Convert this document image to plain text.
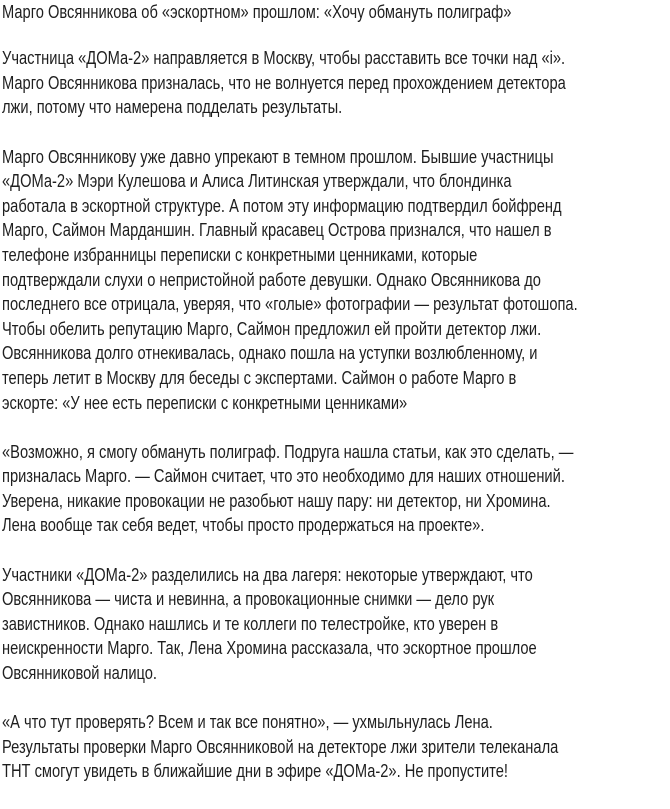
Марго Овсянникова об «эскортном» прошлом: «Хочу обмануть полиграф»
Участница «ДОМа-2» направляется в Москву, чтобы расставить все точки над «i».
Марго Овсянникова призналась, что не волнуется перед прохождением детектора
лжи, потому что намерена подделать результаты.
Марго Овсянникову уже давно упрекают в темном прошлом. Бывшие участницы
«ДОМа-2» Мэри Кулешова и Алиса Литинская утверждали, что блондинка
работала в эскортной структуре. А потом эту информацию подтвердил бойфренд
Марго, Саймон Марданшин. Главный красавец Острова признался, что нашел в
телефоне избранницы переписки с конкретными ценниками, которые
подтверждали слухи о непристойной работе девушки. Однако Овсянникова до
последнего все отрицала, уверяя, что «голые» фотографии — результат фотошопа.
Чтобы обелить репутацию Марго, Саймон предложил ей пройти детектор лжи.
Овсянникова долго отнекивалась, однако пошла на уступки возлюбленному, и
теперь летит в Москву для беседы с экспертами. Саймон о работе Марго в
эскорте: «У нее есть переписки с конкретными ценниками»
«Возможно, я смогу обмануть полиграф. Подруга нашла статьи, как это сделать, —
призналась Марго. — Саймон считает, что это необходимо для наших отношений.
Уверена, никакие провокации не разобьют нашу пару: ни детектор, ни Хромина.
Лена вообще так себя ведет, чтобы просто продержаться на проекте».
Участники «ДОМа-2» разделились на два лагеря: некоторые утверждают, что
Овсянникова — чиста и невинна, а провокационные снимки — дело рук
завистников. Однако нашлись и те коллеги по телестройке, кто уверен в
неискренности Марго. Так, Лена Хромина рассказала, что эскортное прошлое
Овсянниковой налицо.
«А что тут проверять? Всем и так все понятно», — ухмыльнулась Лена.
Результаты проверки Марго Овсянниковой на детекторе лжи зрители телеканала
ТНТ смогут увидеть в ближайшие дни в эфире «ДОМа-2». Не пропустите!
